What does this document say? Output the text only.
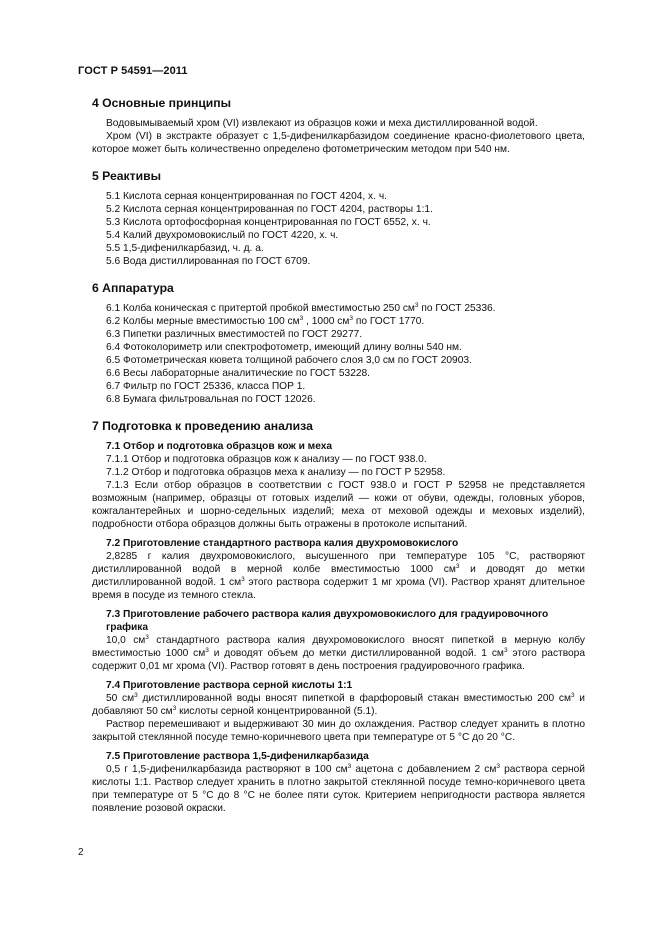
ГОСТ Р 54591—2011
4 Основные принципы

Водовымываемый хром (VI) извлекают из образцов кожи и меха дистиллированной водой.

Хром (VI) в экстракте образует с 1,5-дифенилкарбазидом соединение красно-фиолетового цвета, которое может быть количественно определено фотометрическим методом при 540 нм.

5 Реактивы

5.1 Кислота серная концентрированная по ГОСТ 4204, х. ч.

5.2 Кислота серная концентрированная по ГОСТ 4204, растворы 1:1.

5.3 Кислота ортофосфорная концентрированная по ГОСТ 6552, х. ч.

5.4 Калий двухромовокислый по ГОСТ 4220, х. ч.

5.5 1,5-дифенилкарбазид, ч. д. а.

5.6 Вода дистиллированная по ГОСТ 6709.

6 Аппаратура

6.1 Колба коническая с притертой пробкой вместимостью 250 $см^3$ по ГОСТ 25336.

6.2 Колбы мерные вместимостью 100 $см^3$ , 1000 $см^3$ по ГОСТ 1770.

6.3 Пипетки различных вместимостей по ГОСТ 29277.

6.4 Фотоколориметр или спектрофотометр, имеющий длину волны 540 нм.

6.5 Фотометрическая кювета толщиной рабочего слоя 3,0 см по ГОСТ 20903.

6.6 Весы лабораторные аналитические по ГОСТ 53228.

6.7 Фильтр по ГОСТ 25336, класса ПОР 1.

6.8 Бумага фильтровальная по ГОСТ 12026.

7 Подготовка к проведению анализа

7.1 Отбор и подготовка образцов кож и меха

7.1.1 Отбор и подготовка образцов кож к анализу — по ГОСТ 938.0.

7.1.2 Отбор и подготовка образцов меха к анализу — по ГОСТ Р 52958.

7.1.3 Если отбор образцов в соответствии с ГОСТ 938.0 и ГОСТ Р 52958 не представляется возможным (например, образцы от готовых изделий — кожи от обуви, одежды, головных уборов, кожгалантерейных и шорно-седельных изделий; меха от меховой одежды и меховых изделий), подробности отбора образцов должны быть отражены в протоколе испытаний.

7.2 Приготовление стандартного раствора калия двухромовокислого

2,8285 г калия двухромовокислого, высушенного при температуре 105 °С, растворяют дистиллированной водой в мерной колбе вместимостью 1000 $см^3$ и доводят до метки дистиллированной водой. 1 $см^3$ этого раствора содержит 1 мг хрома (VI). Раствор хранят длительное время в посуде из темного стекла.

7.3 Приготовление рабочего раствора калия двухромовокислого для градуировочного графика

10,0 $см^3$ стандартного раствора калия двухромовокислого вносят пипеткой в мерную колбу вместимостью 1000 $см^3$ и доводят объем до метки дистиллированной водой. 1 $см^3$ этого раствора содержит 0,01 мг хрома (VI). Раствор готовят в день построения градуировочного графика.

7.4 Приготовление раствора серной кислоты 1:1

50 $см^3$ дистиллированной воды вносят пипеткой в фарфоровый стакан вместимостью 200 $см^3$ и добавляют 50 $см^3$ кислоты серной концентрированной (5.1).

Раствор перемешивают и выдерживают 30 мин до охлаждения. Раствор следует хранить в плотно закрытой стеклянной посуде темно-коричневого цвета при температуре от 5 °С до 20 °С.

7.5 Приготовление раствора 1,5-дифенилкарбазида

0,5 г 1,5-дифенилкарбазида растворяют в 100 $см^3$ ацетона с добавлением 2 $см^3$ раствора серной кислоты 1:1. Раствор следует хранить в плотно закрытой стеклянной посуде темно-коричневого цвета при температуре от 5 °С до 8 °С не более пяти суток. Критерием непригодности раствора является появление розовой окраски.

2
